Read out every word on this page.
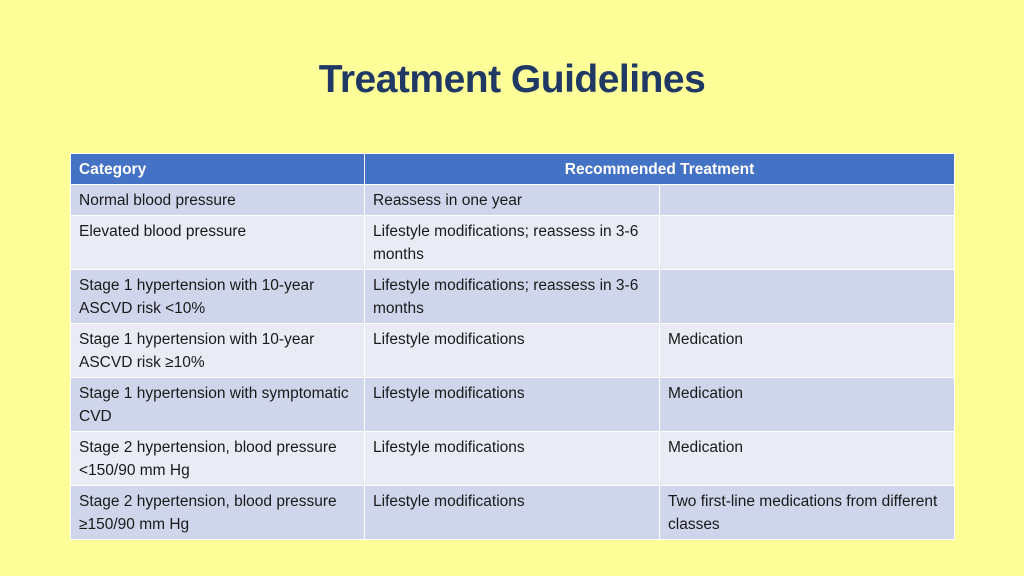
Treatment Guidelines
Category	Recommended Treatment	
Normal blood pressure	Reassess in one year	
Elevated blood pressure	Lifestyle modifications; reassess in 3-6 months	
Stage 1 hypertension with 10-year ASCVD risk <10%	Lifestyle modifications; reassess in 3-6 months	
Stage 1 hypertension with 10-year ASCVD risk ≥10%	Lifestyle modifications	Medication
Stage 1 hypertension with symptomatic CVD	Lifestyle modifications	Medication
Stage 2 hypertension, blood pressure <150/90 mm Hg	Lifestyle modifications	Medication
Stage 2 hypertension, blood pressure ≥150/90 mm Hg	Lifestyle modifications	Two first-line medications from different classes
